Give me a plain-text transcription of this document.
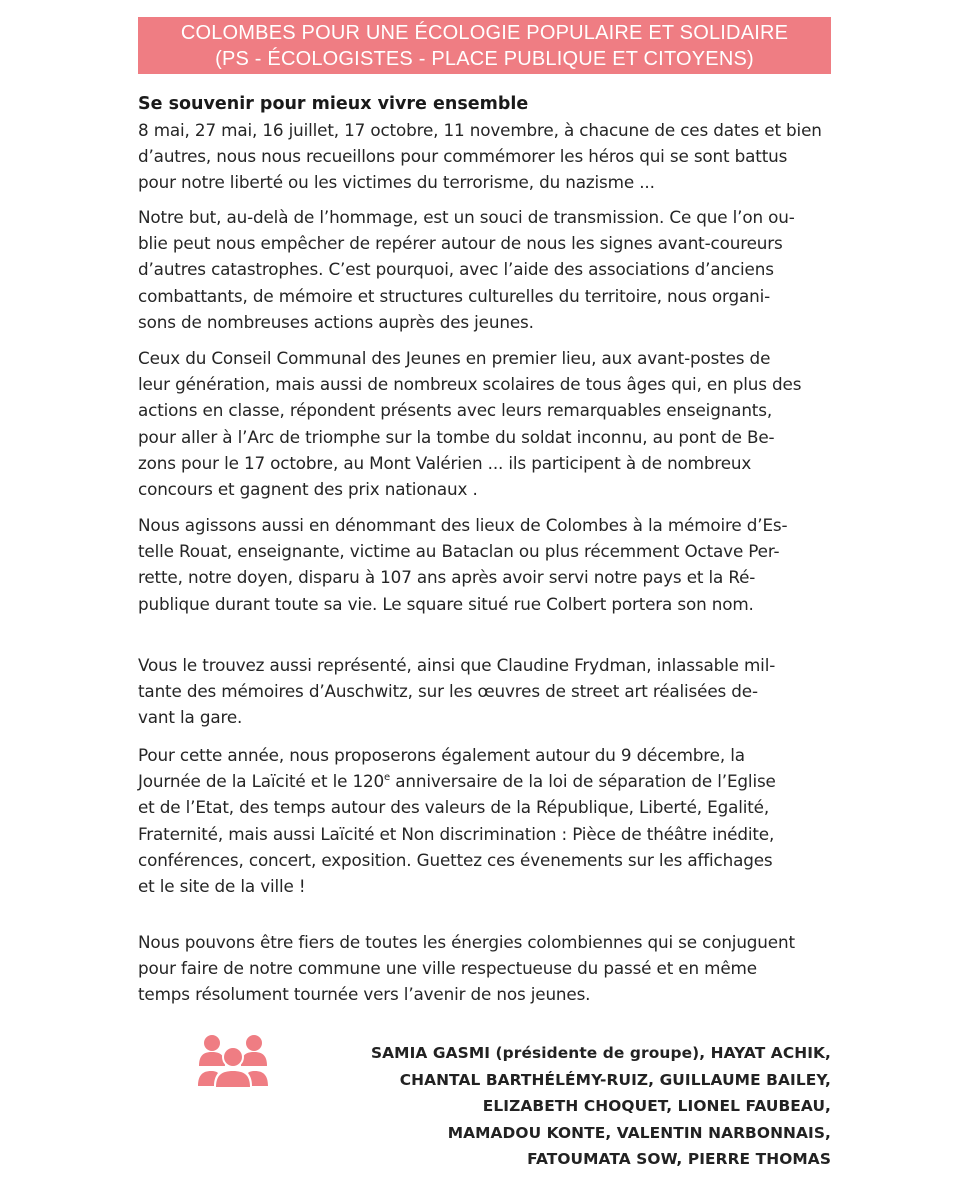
COLOMBES POUR UNE ÉCOLOGIE POPULAIRE ET SOLIDAIRE
(PS - ÉCOLOGISTES - PLACE PUBLIQUE ET CITOYENS)
Se souvenir pour mieux vivre ensemble

8 mai, 27 mai, 16 juillet, 17 octobre, 11 novembre, à chacune de ces dates et bien
d’autres, nous nous recueillons pour commémorer les héros qui se sont battus
pour notre liberté ou les victimes du terrorisme, du nazisme ...

Notre but, au-delà de l’hommage, est un souci de transmission. Ce que l’on ou-
blie peut nous empêcher de repérer autour de nous les signes avant-coureurs
d’autres catastrophes. C’est pourquoi, avec l’aide des associations d’anciens
combattants, de mémoire et structures culturelles du territoire, nous organi-
sons de nombreuses actions auprès des jeunes.

Ceux du Conseil Communal des Jeunes en premier lieu, aux avant-postes de
leur génération, mais aussi de nombreux scolaires de tous âges qui, en plus des
actions en classe, répondent présents avec leurs remarquables enseignants,
pour aller à l’Arc de triomphe sur la tombe du soldat inconnu, au pont de Be-
zons pour le 17 octobre, au Mont Valérien ... ils participent à de nombreux
concours et gagnent des prix nationaux .

Nous agissons aussi en dénommant des lieux de Colombes à la mémoire d’Es-
telle Rouat, enseignante, victime au Bataclan ou plus récemment Octave Per-
rette, notre doyen, disparu à 107 ans après avoir servi notre pays et la Ré-
publique durant toute sa vie. Le square situé rue Colbert portera son nom.

Vous le trouvez aussi représenté, ainsi que Claudine Frydman, inlassable mil-
tante des mémoires d’Auschwitz, sur les œuvres de street art réalisées de-
vant la gare.

Pour cette année, nous proposerons également autour du 9 décembre, la
Journée de la Laïcité et le 120e anniversaire de la loi de séparation de l’Eglise
et de l’Etat, des temps autour des valeurs de la République, Liberté, Egalité,
Fraternité, mais aussi Laïcité et Non discrimination : Pièce de théâtre inédite,
conférences, concert, exposition. Guettez ces évenements sur les affichages
et le site de la ville !

Nous pouvons être fiers de toutes les énergies colombiennes qui se conjuguent
pour faire de notre commune une ville respectueuse du passé et en même
temps résolument tournée vers l’avenir de nos jeunes.

SAMIA GASMI (présidente de groupe), HAYAT ACHIK,
CHANTAL BARTHÉLÉMY-RUIZ, GUILLAUME BAILEY,
ELIZABETH CHOQUET, LIONEL FAUBEAU,
MAMADOU KONTE, VALENTIN NARBONNAIS,
FATOUMATA SOW, PIERRE THOMAS
